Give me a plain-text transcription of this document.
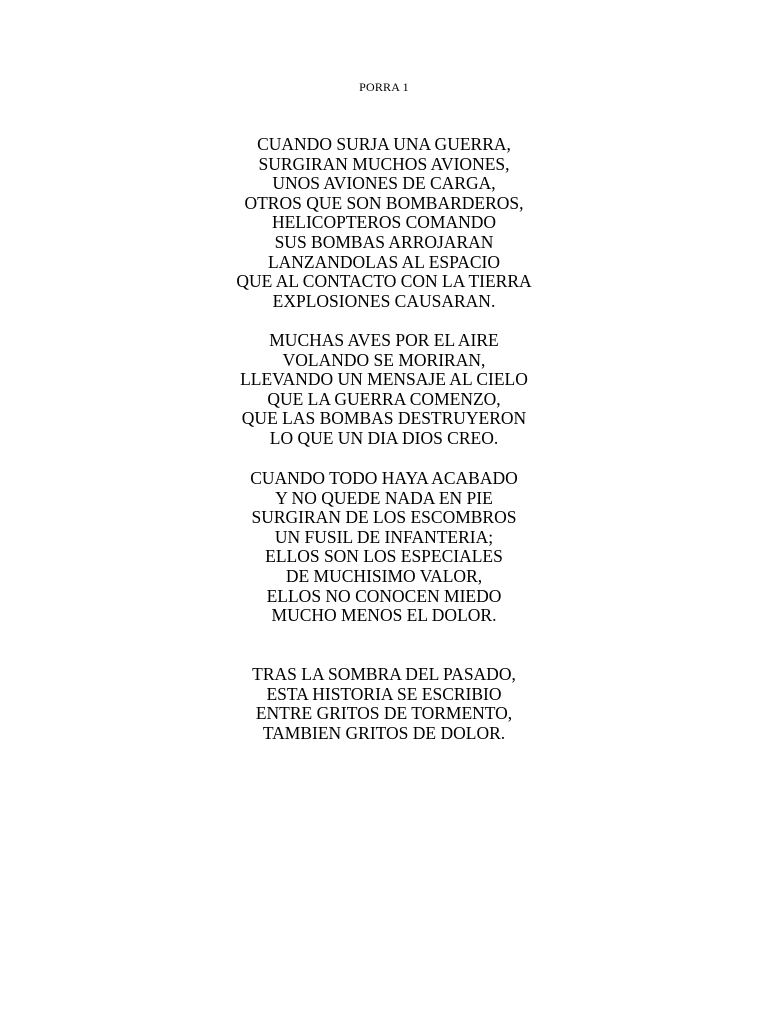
PORRA 1
CUANDO SURJA UNA GUERRA,
SURGIRAN MUCHOS AVIONES,
UNOS AVIONES DE CARGA,
OTROS QUE SON BOMBARDEROS,
HELICOPTEROS COMANDO
SUS BOMBAS ARROJARAN
LANZANDOLAS AL ESPACIO
QUE AL CONTACTO CON LA TIERRA
EXPLOSIONES CAUSARAN.
MUCHAS AVES POR EL AIRE
VOLANDO SE MORIRAN,
LLEVANDO UN MENSAJE AL CIELO
QUE LA GUERRA COMENZO,
QUE LAS BOMBAS DESTRUYERON
LO QUE UN DIA DIOS CREO.
CUANDO TODO HAYA ACABADO
Y NO QUEDE NADA EN PIE
SURGIRAN DE LOS ESCOMBROS
UN FUSIL DE INFANTERIA;
ELLOS SON LOS ESPECIALES
DE MUCHISIMO VALOR,
ELLOS NO CONOCEN MIEDO
MUCHO MENOS EL DOLOR.
TRAS LA SOMBRA DEL PASADO,
ESTA HISTORIA SE ESCRIBIO
ENTRE GRITOS DE TORMENTO,
TAMBIEN GRITOS DE DOLOR.
